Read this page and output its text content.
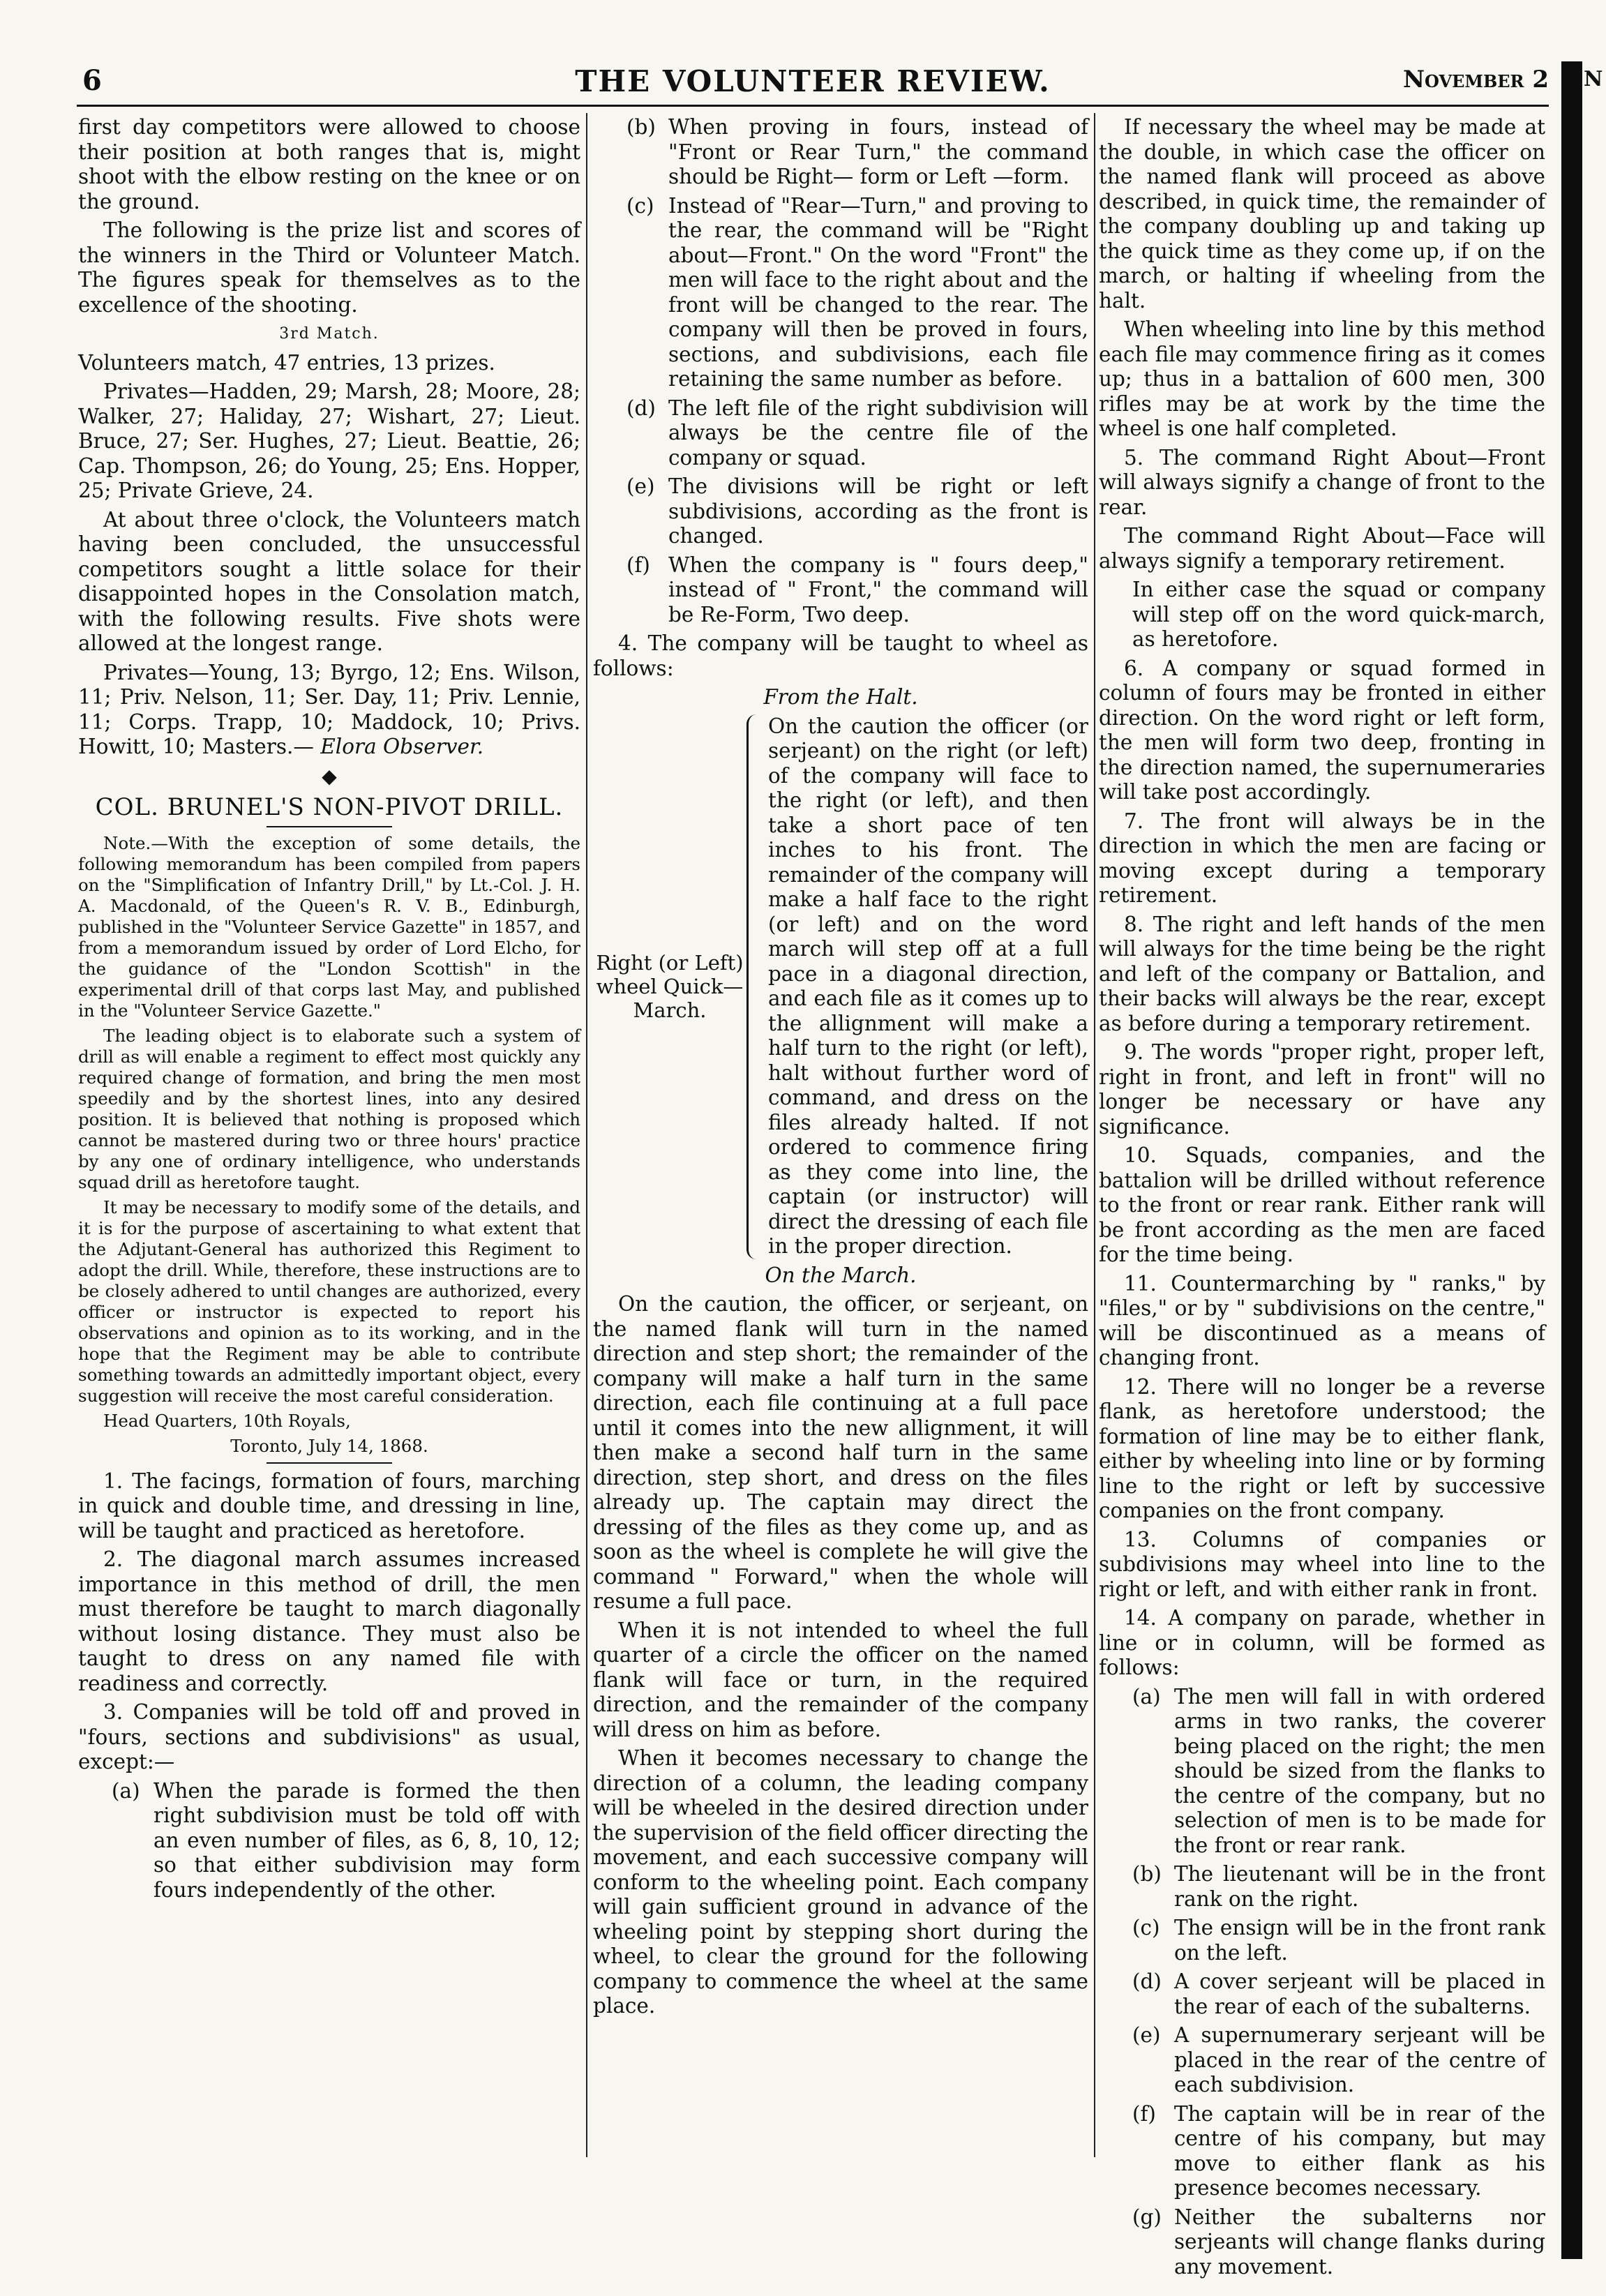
6	THE VOLUNTEER REVIEW.	November 2

first day competitors were allowed to choose their position at both ranges that is, might shoot with the elbow resting on the knee or on the ground.

The following is the prize list and scores of the winners in the Third or Volunteer Match. The figures speak for themselves as to the excellence of the shooting.

3rd Match.

Volunteers match, 47 entries, 13 prizes.

Privates—Hadden, 29; Marsh, 28; Moore, 28; Walker, 27; Haliday, 27; Wishart, 27; Lieut. Bruce, 27; Ser. Hughes, 27; Lieut. Beattie, 26; Cap. Thompson, 26; do Young, 25; Ens. Hopper, 25; Private Grieve, 24.

At about three o'clock, the Volunteers match having been concluded, the unsuccessful competitors sought a little solace for their disappointed hopes in the Consolation match, with the following results. Five shots were allowed at the longest range.

Privates—Young, 13; Byrgo, 12; Ens. Wilson, 11; Priv. Nelson, 11; Ser. Day, 11; Priv. Lennie, 11; Corps. Trapp, 10; Maddock, 10; Privs. Howitt, 10; Masters.— Elora Observer.

◆
COL. BRUNEL'S NON-PIVOT DRILL.

Note.—With the exception of some details, the following memorandum has been compiled from papers on the "Simplification of Infantry Drill," by Lt.-Col. J. H. A. Macdonald, of the Queen's R. V. B., Edinburgh, published in the "Volunteer Service Gazette" in 1857, and from a memorandum issued by order of Lord Elcho, for the guidance of the "London Scottish" in the experimental drill of that corps last May, and published in the "Volunteer Service Gazette."

The leading object is to elaborate such a system of drill as will enable a regiment to effect most quickly any required change of formation, and bring the men most speedily and by the shortest lines, into any desired position. It is believed that nothing is proposed which cannot be mastered during two or three hours' practice by any one of ordinary intelligence, who understands squad drill as heretofore taught.

It may be necessary to modify some of the details, and it is for the purpose of ascertaining to what extent that the Adjutant-General has authorized this Regiment to adopt the drill. While, therefore, these instructions are to be closely adhered to until changes are authorized, every officer or instructor is expected to report his observations and opinion as to its working, and in the hope that the Regiment may be able to contribute something towards an admittedly important object, every suggestion will receive the most careful consideration.

Head Quarters, 10th Royals,

Toronto, July 14, 1868.

1. The facings, formation of fours, marching in quick and double time, and dressing in line, will be taught and practiced as heretofore.

2. The diagonal march assumes increased importance in this method of drill, the men must therefore be taught to march diagonally without losing distance. They must also be taught to dress on any named file with readiness and correctly.

3. Companies will be told off and proved in "fours, sections and subdivisions" as usual, except:—

(a) When the parade is formed the then right subdivision must be told off with an even number of files, as 6, 8, 10, 12; so that either subdivision may form fours independently of the other.
(b) When proving in fours, instead of "Front or Rear Turn," the command should be Right— form or Left —form.
(c) Instead of "Rear—Turn," and proving to the rear, the command will be "Right about—Front." On the word "Front" the men will face to the right about and the front will be changed to the rear. The company will then be proved in fours, sections, and subdivisions, each file retaining the same number as before.
(d) The left file of the right subdivision will always be the centre file of the company or squad.
(e) The divisions will be right or left subdivisions, according as the front is changed.
(f) When the company is " fours deep," instead of " Front," the command will be Re-Form, Two deep.

4. The company will be taught to wheel as follows:

From the Halt.

Right (or Left) wheel Quick—March.
On the caution the officer (or serjeant) on the right (or left) of the company will face to the right (or left), and then take a short pace of ten inches to his front. The remainder of the company will make a half face to the right (or left) and on the word march will step off at a full pace in a diagonal direction, and each file as it comes up to the allignment will make a half turn to the right (or left), halt without further word of command, and dress on the files already halted. If not ordered to commence firing as they come into line, the captain (or instructor) will direct the dressing of each file in the proper direction.

On the March.

On the caution, the officer, or serjeant, on the named flank will turn in the named direction and step short; the remainder of the company will make a half turn in the same direction, each file continuing at a full pace until it comes into the new allignment, it will then make a second half turn in the same direction, step short, and dress on the files already up. The captain may direct the dressing of the files as they come up, and as soon as the wheel is complete he will give the command " Forward," when the whole will resume a full pace.

When it is not intended to wheel the full quarter of a circle the officer on the named flank will face or turn, in the required direction, and the remainder of the company will dress on him as before.

When it becomes necessary to change the direction of a column, the leading company will be wheeled in the desired direction under the supervision of the field officer directing the movement, and each successive company will conform to the wheeling point. Each company will gain sufficient ground in advance of the wheeling point by stepping short during the wheel, to clear the ground for the following company to commence the wheel at the same place.

If necessary the wheel may be made at the double, in which case the officer on the named flank will proceed as above described, in quick time, the remainder of the company doubling up and taking up the quick time as they come up, if on the march, or halting if wheeling from the halt.

When wheeling into line by this method each file may commence firing as it comes up; thus in a battalion of 600 men, 300 rifles may be at work by the time the wheel is one half completed.

5. The command Right About—Front will always signify a change of front to the rear.

The command Right About—Face will always signify a temporary retirement.

In either case the squad or company will step off on the word quick-march, as heretofore.

6. A company or squad formed in column of fours may be fronted in either direction. On the word right or left form, the men will form two deep, fronting in the direction named, the supernumeraries will take post accordingly.

7. The front will always be in the direction in which the men are facing or moving except during a temporary retirement.

8. The right and left hands of the men will always for the time being be the right and left of the company or Battalion, and their backs will always be the rear, except as before during a temporary retirement.

9. The words "proper right, proper left, right in front, and left in front" will no longer be necessary or have any significance.

10. Squads, companies, and the battalion will be drilled without reference to the front or rear rank. Either rank will be front according as the men are faced for the time being.

11. Countermarching by " ranks," by "files," or by " subdivisions on the centre," will be discontinued as a means of changing front.

12. There will no longer be a reverse flank, as heretofore understood; the formation of line may be to either flank, either by wheeling into line or by forming line to the right or left by successive companies on the front company.

13. Columns of companies or subdivisions may wheel into line to the right or left, and with either rank in front.

14. A company on parade, whether in line or in column, will be formed as follows:

(a) The men will fall in with ordered arms in two ranks, the coverer being placed on the right; the men should be sized from the flanks to the centre of the company, but no selection of men is to be made for the front or rear rank.
(b) The lieutenant will be in the front rank on the right.
(c) The ensign will be in the front rank on the left.
(d) A cover serjeant will be placed in the rear of each of the subalterns.
(e) A supernumerary serjeant will be placed in the rear of the centre of each subdivision.
(f) The captain will be in rear of the centre of his company, but may move to either flank as his presence becomes necessary.
(g) Neither the subalterns nor serjeants will change flanks during any movement.
N
